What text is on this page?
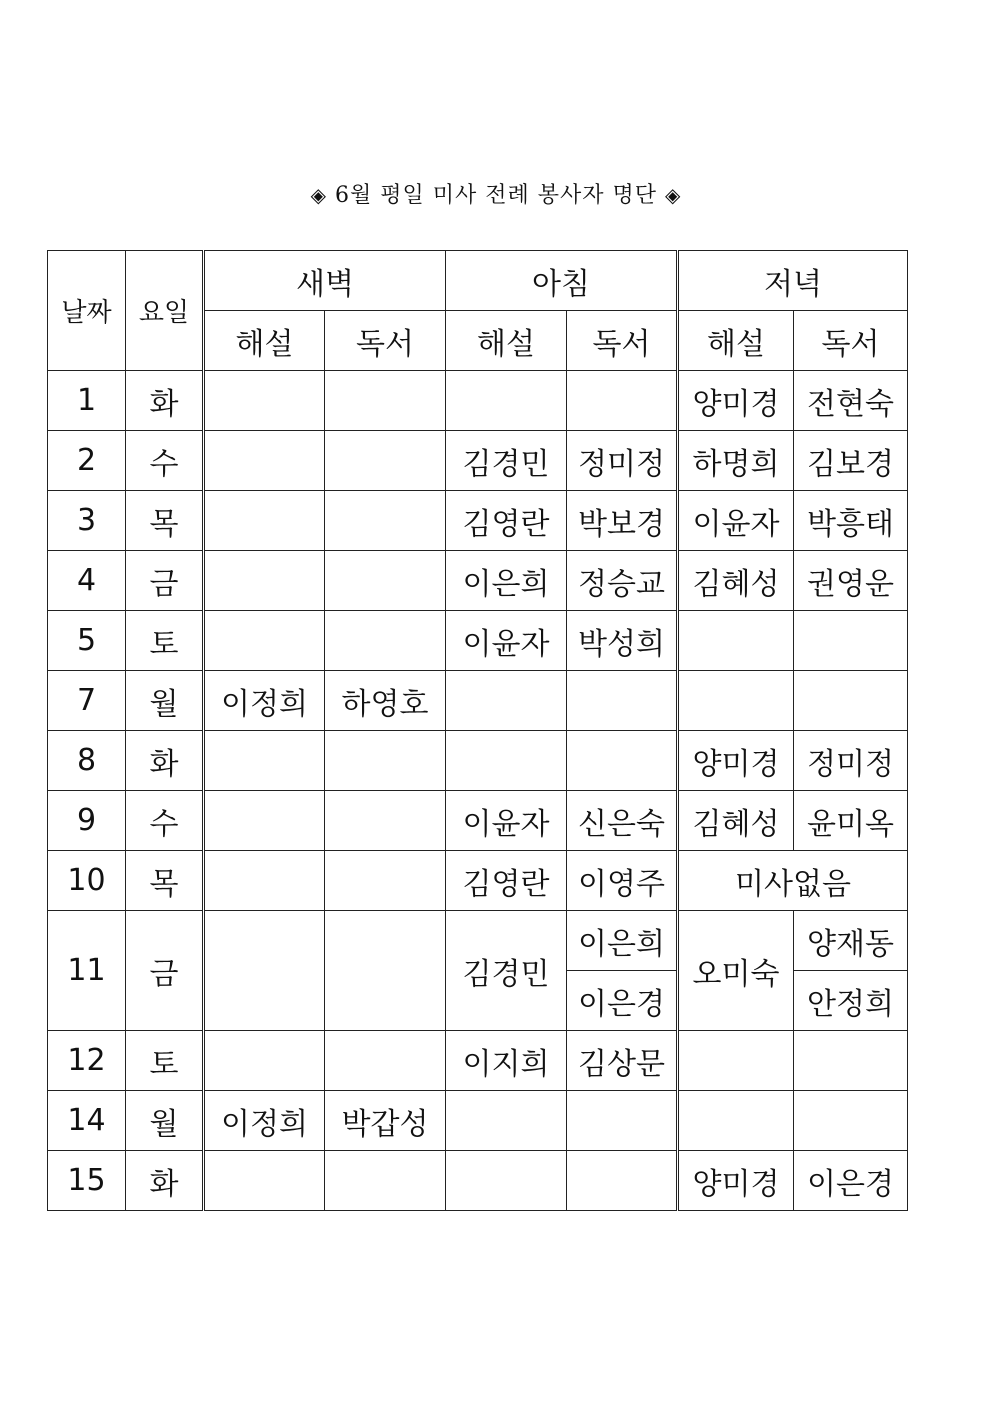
◈ 6월 평일 미사 전례 봉사자 명단 ◈
날짜	요일	새벽		아침		저녁	
		해설	독서	해설	독서	해설	독서
1	화					양미경	전현숙
2	수			김경민	정미정	하명희	김보경
3	목			김영란	박보경	이윤자	박흥태
4	금			이은희	정승교	김혜성	권영운
5	토			이윤자	박성희		
7	월	이정희	하영호				
8	화					양미경	정미정
9	수			이윤자	신은숙	김혜성	윤미옥
10	목			김영란	이영주	미사없음	
11	금			김경민	이은희	오미숙	양재동
					이은경		안정희
12	토			이지희	김상문		
14	월	이정희	박갑성				
15	화					양미경	이은경
